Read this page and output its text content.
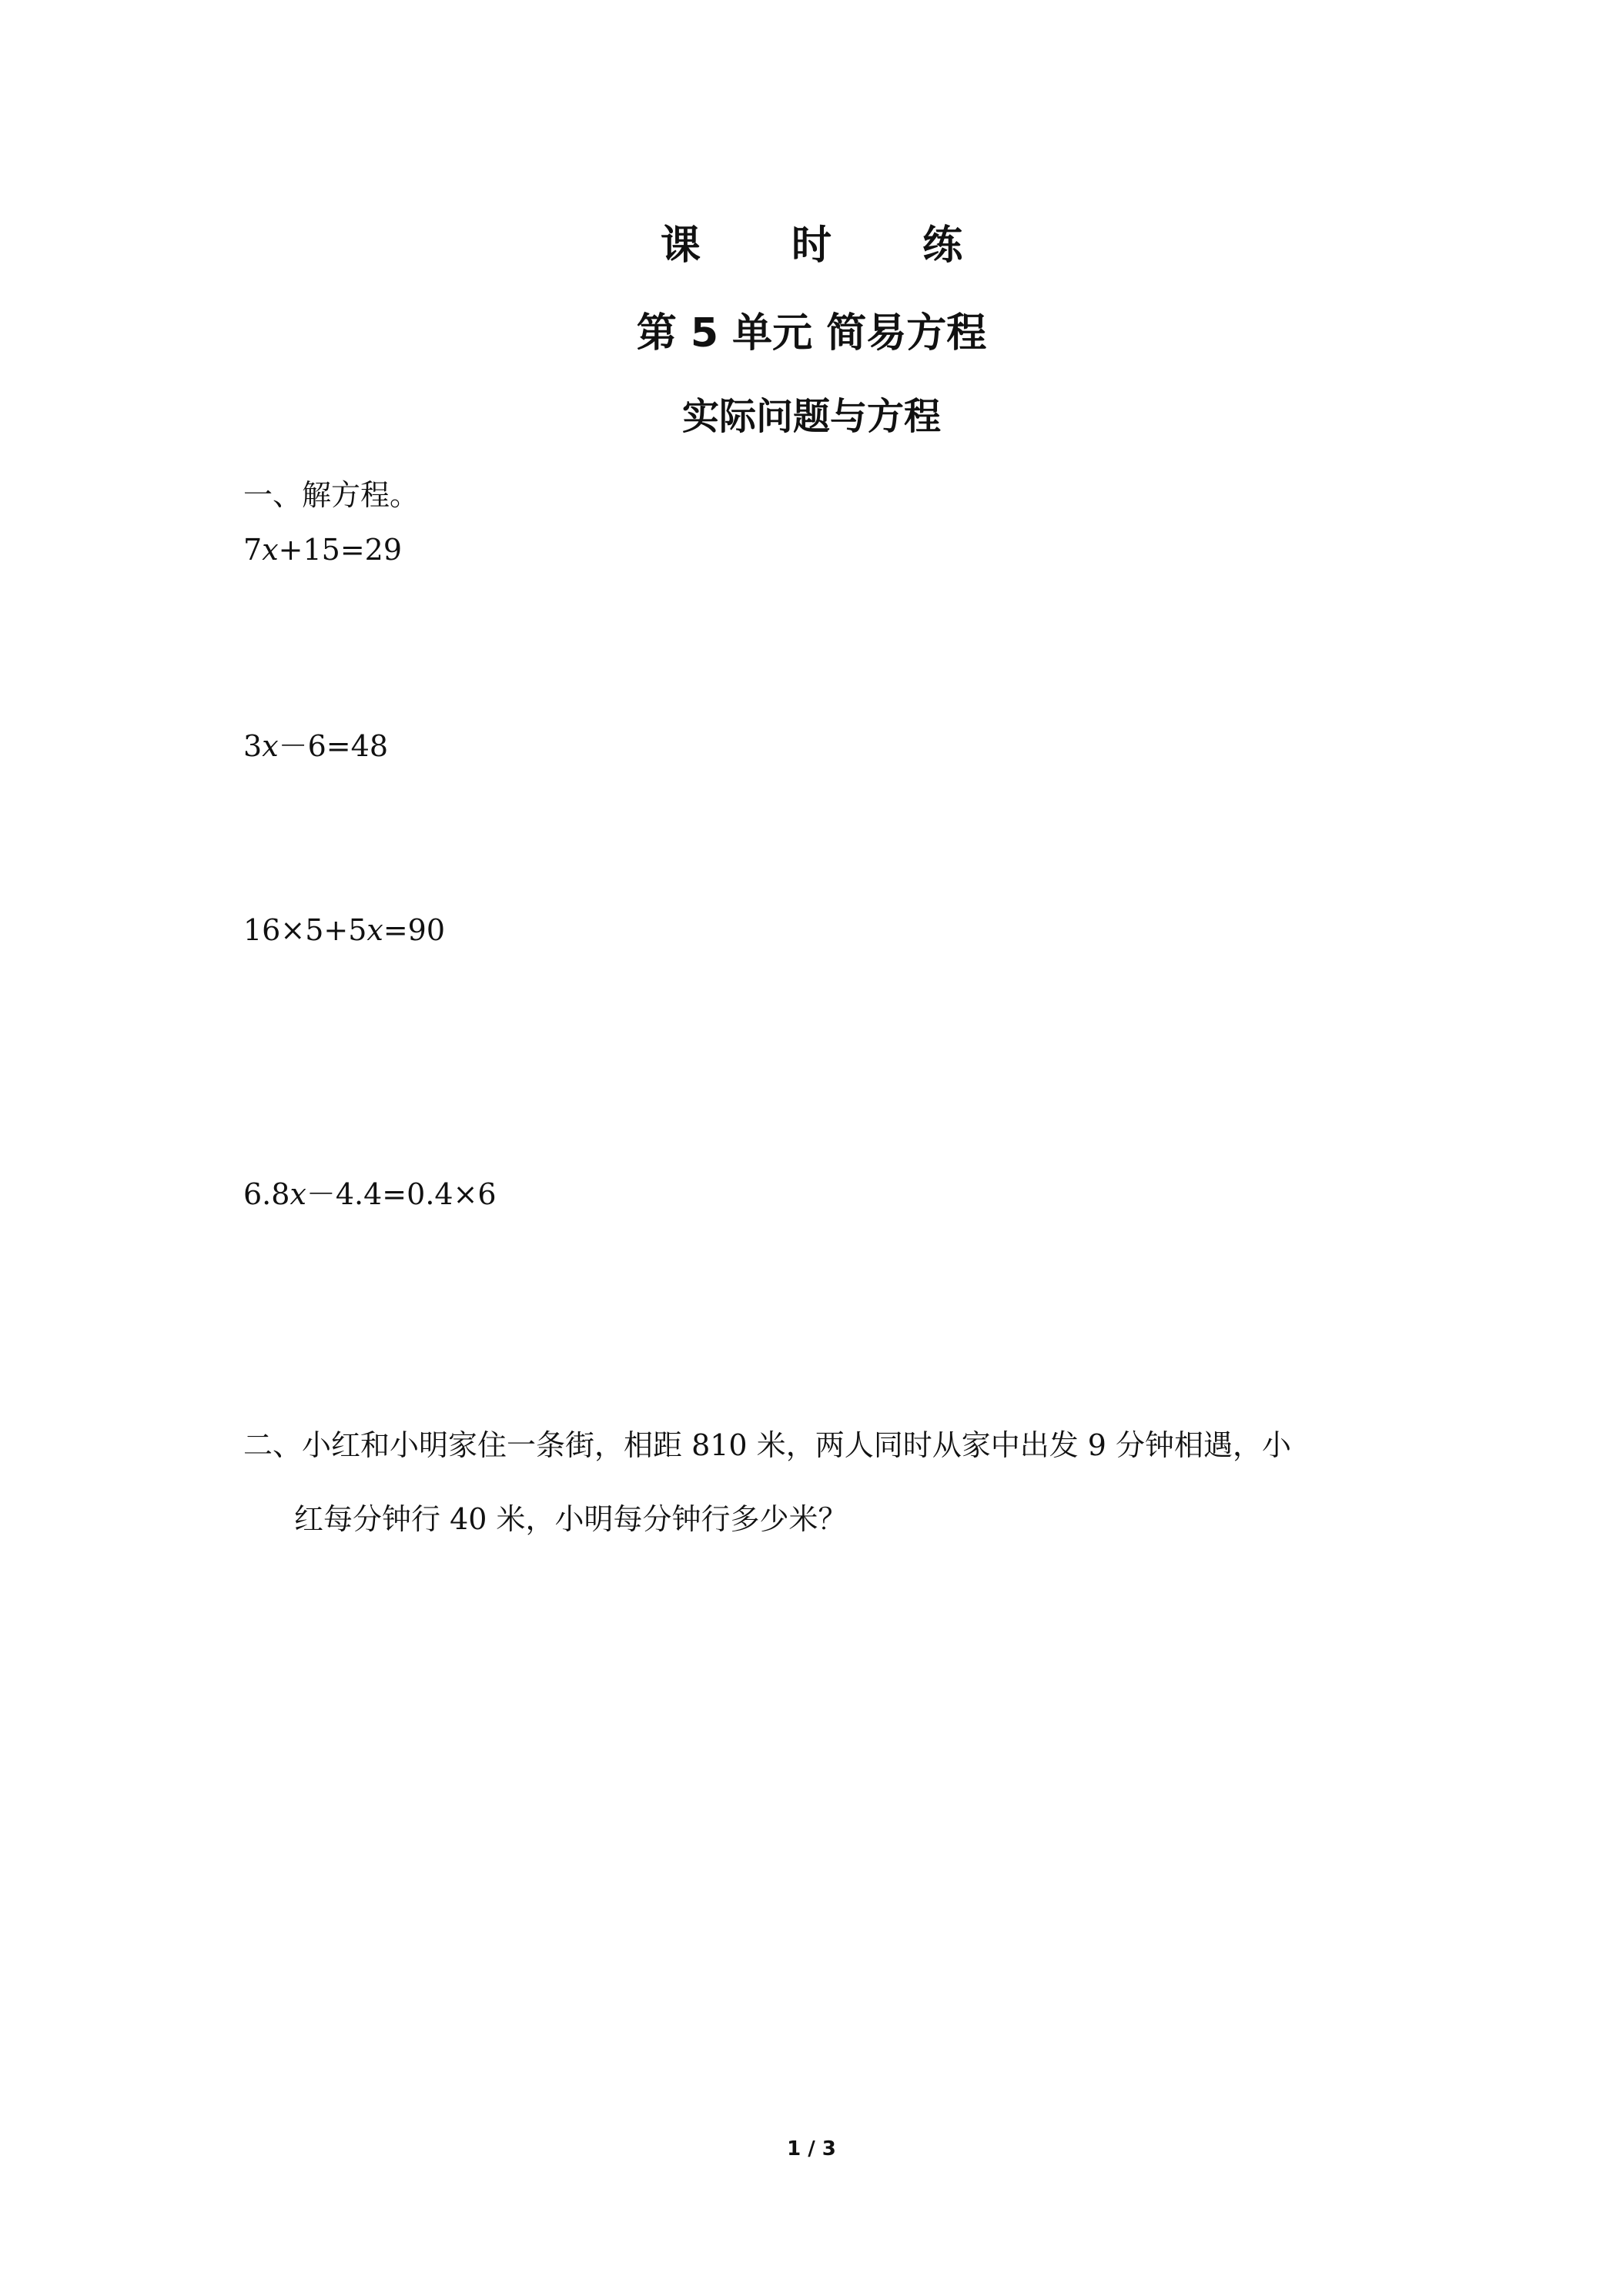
课 时 练
第 5 单元 简易方程
实际问题与方程
一、解方程。
7x+15=29
3x－6=48
16×5+5x=90
6.8x－4.4=0.4×6
二、小红和小明家住一条街，相距 810 米，两人同时从家中出发 9 分钟相遇，小
红每分钟行 40 米，小明每分钟行多少米？
1 / 3
